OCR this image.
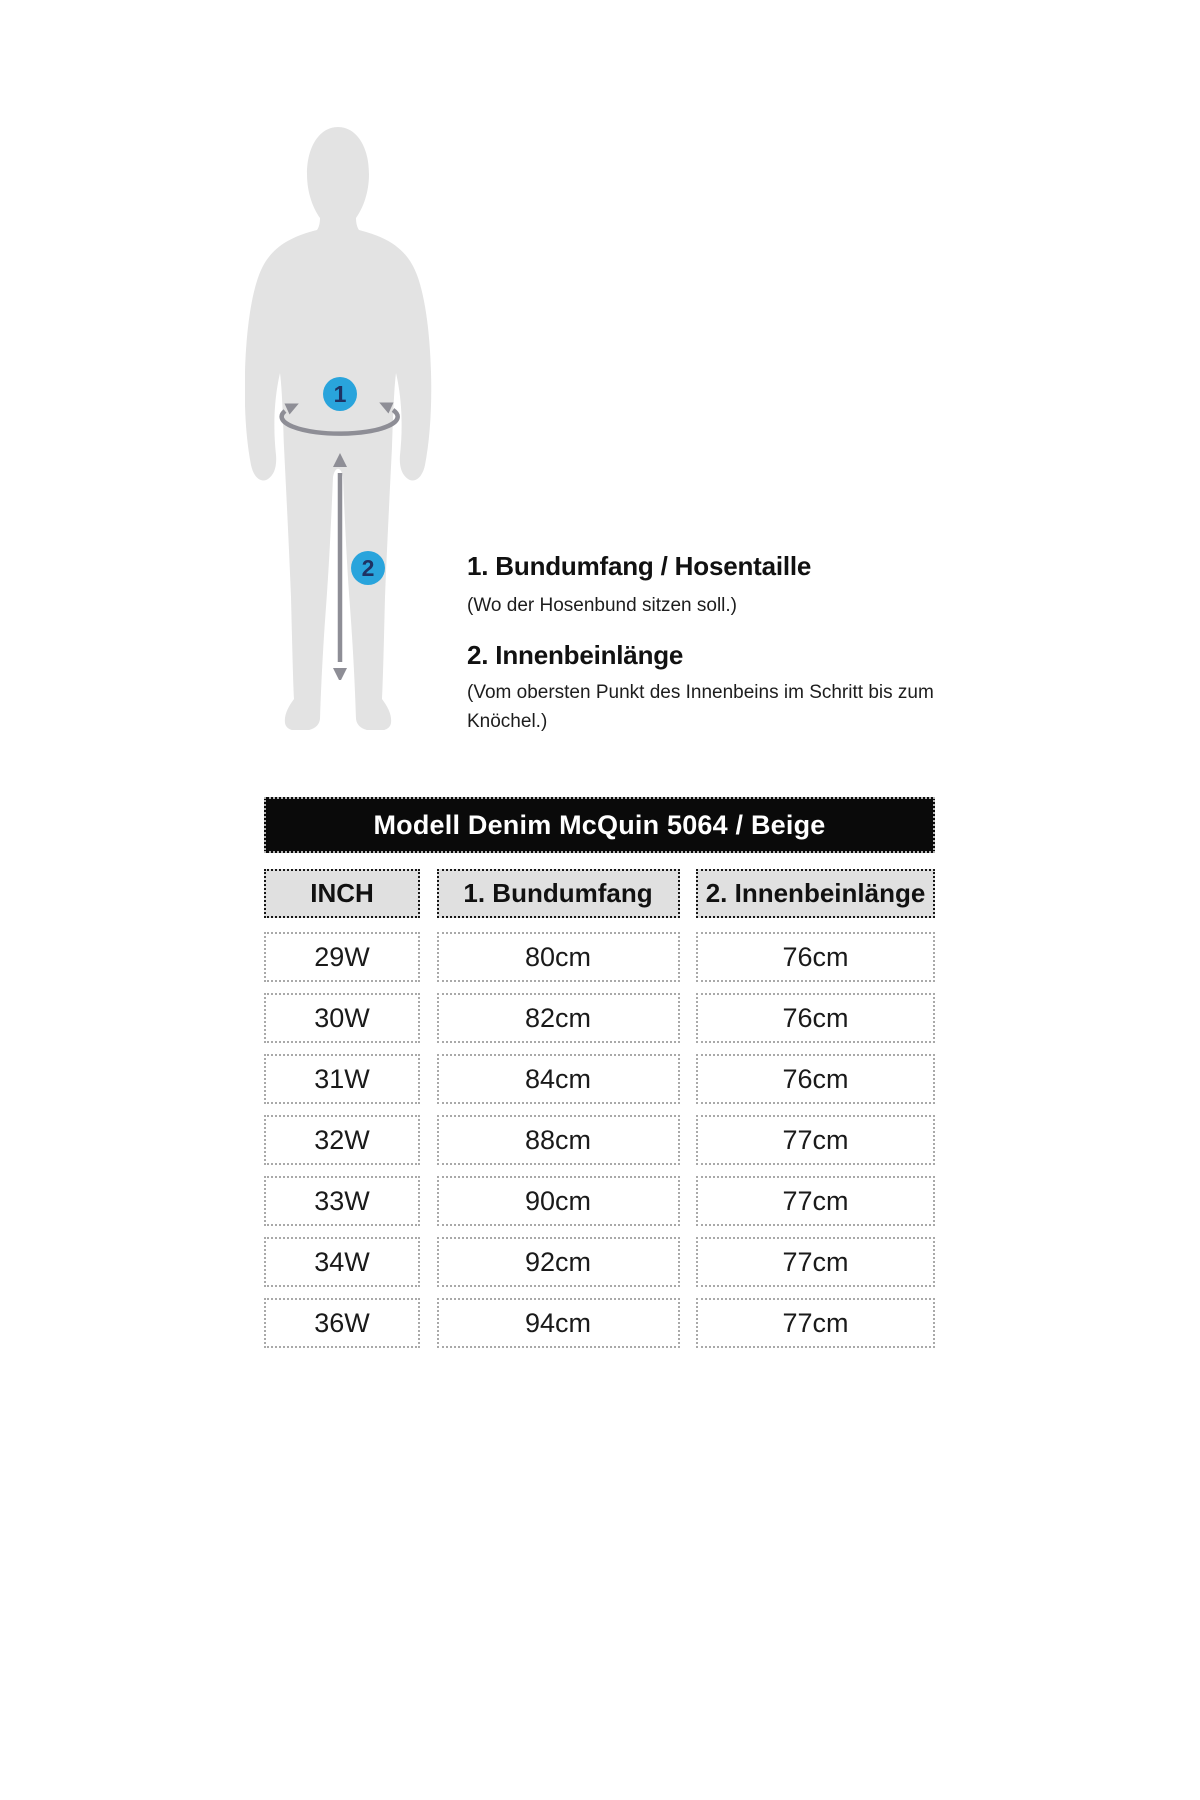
1
2	1. Bundumfang / Hosentaille
(Wo der Hosenbund sitzen soll.)
2. Innenbeinlänge
(Vom obersten Punkt des Innenbeins im Schritt bis zum Knöchel.)
Modell Denim McQuin 5064 / Beige
INCH	1. Bundumfang	2. Innenbeinlänge
29W	80cm	76cm
30W	82cm	76cm
31W	84cm	76cm
32W	88cm	77cm
33W	90cm	77cm
34W	92cm	77cm
36W	94cm	77cm
